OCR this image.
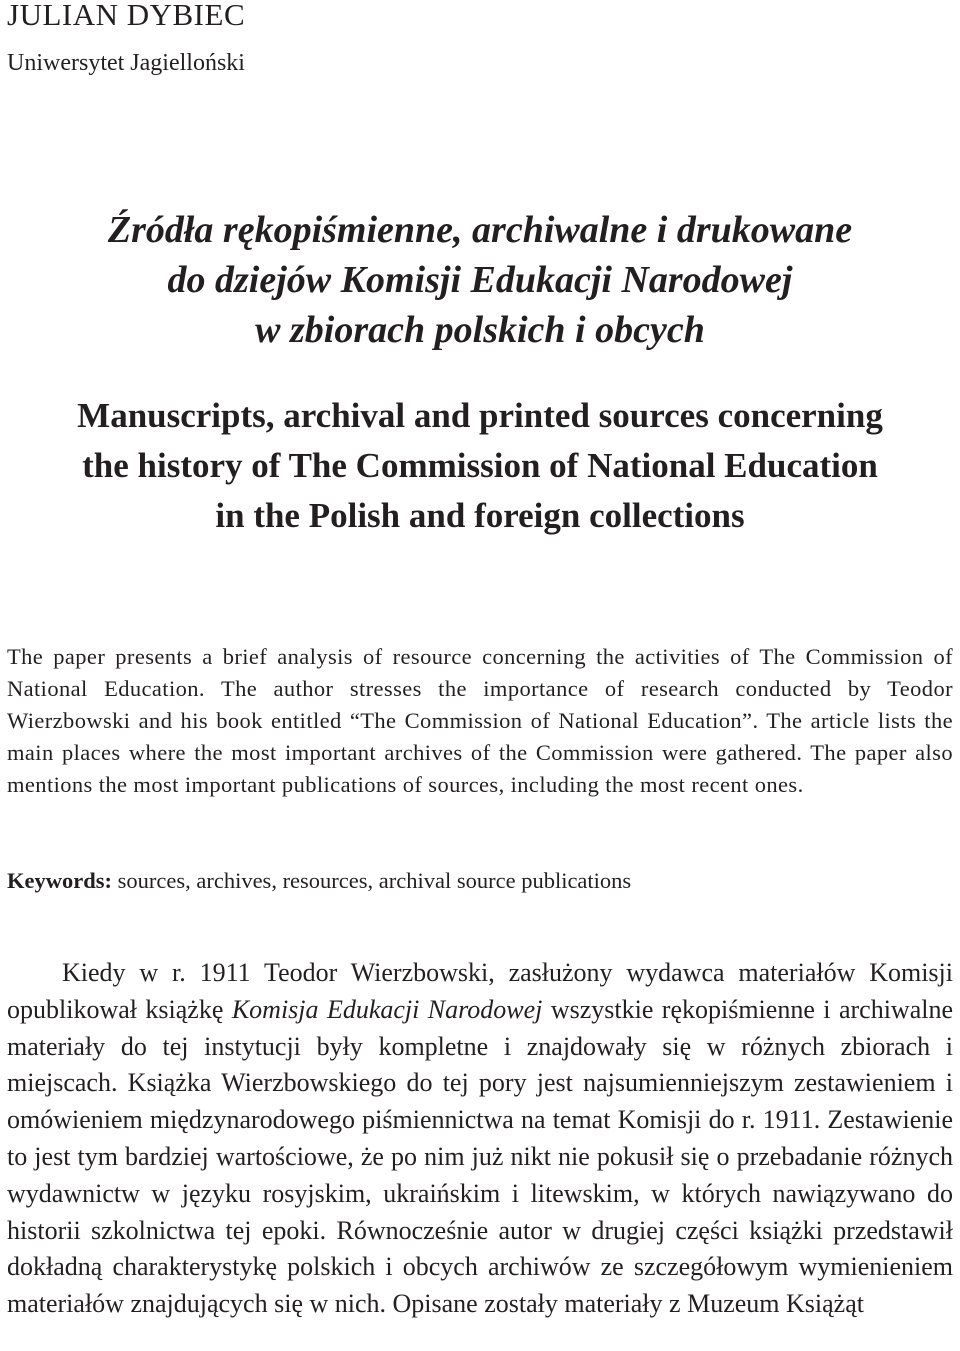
JULIAN DYBIEC
Uniwersytet Jagielloński
Źródła rękopiśmienne, archiwalne i drukowane
do dziejów Komisji Edukacji Narodowej
w zbiorach polskich i obcych
Manuscripts, archival and printed sources concerning
the history of The Commission of National Education
in the Polish and foreign collections
The paper presents a brief analysis of resource concerning the activities of The Commission of National Education. The author stresses the importance of research conducted by Teodor Wierzbowski and his book entitled “The Commission of National Education”. The article lists the main places where the most important archives of the Commission were gathered. The paper also mentions the most important publications of sources, including the most recent ones.
Keywords: sources, archives, resources, archival source publications
Kiedy w r. 1911 Teodor Wierzbowski, zasłużony wydawca materiałów Komisji opublikował książkę Komisja Edukacji Narodowej wszystkie rękopiśmienne i archiwalne materiały do tej instytucji były kompletne i znajdowały się w różnych zbiorach i miejscach. Książka Wierzbowskiego do tej pory jest najsumienniejszym zestawieniem i omówieniem międzynarodowego piśmiennictwa na temat Komisji do r. 1911. Zestawienie to jest tym bardziej wartościowe, że po nim już nikt nie pokusił się o przebadanie różnych wydawnictw w języku rosyjskim, ukraińskim i litewskim, w których nawiązywano do historii szkolnictwa tej epoki. Równocześnie autor w drugiej części książki przedstawił dokładną charakterystykę polskich i obcych archiwów ze szczegółowym wymienieniem materiałów znajdujących się w nich. Opisane zostały materiały z Muzeum Książąt
